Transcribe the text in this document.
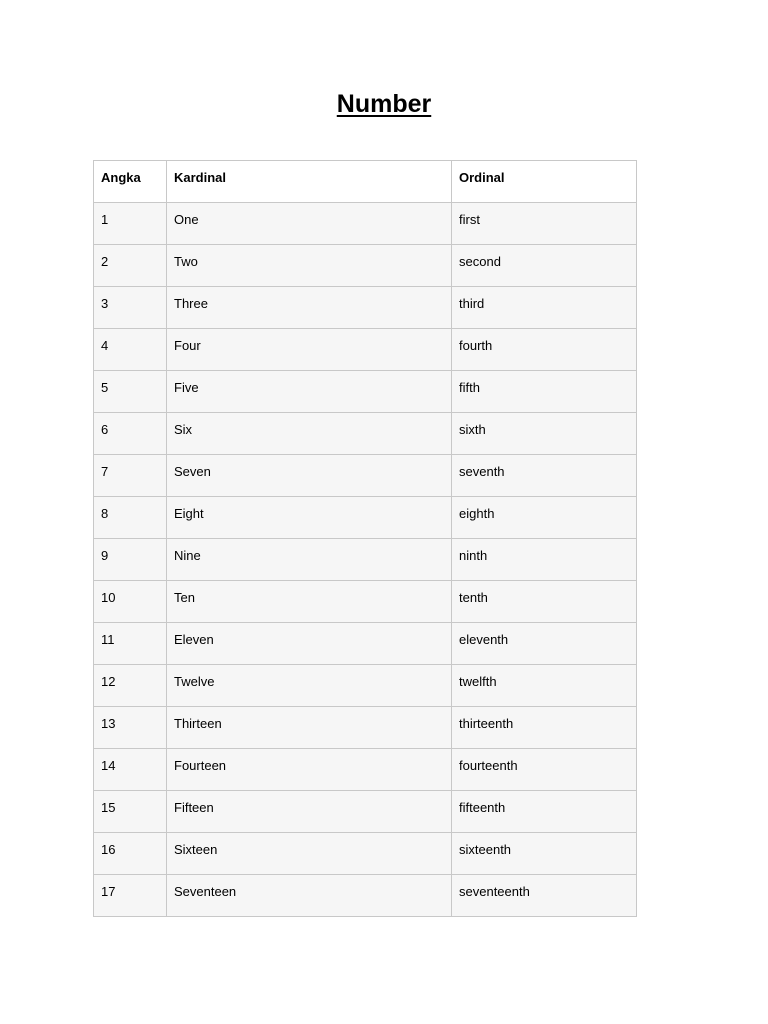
Number
Angka	Kardinal	Ordinal
1	One	first
2	Two	second
3	Three	third
4	Four	fourth
5	Five	fifth
6	Six	sixth
7	Seven	seventh
8	Eight	eighth
9	Nine	ninth
10	Ten	tenth
11	Eleven	eleventh
12	Twelve	twelfth
13	Thirteen	thirteenth
14	Fourteen	fourteenth
15	Fifteen	fifteenth
16	Sixteen	sixteenth
17	Seventeen	seventeenth
